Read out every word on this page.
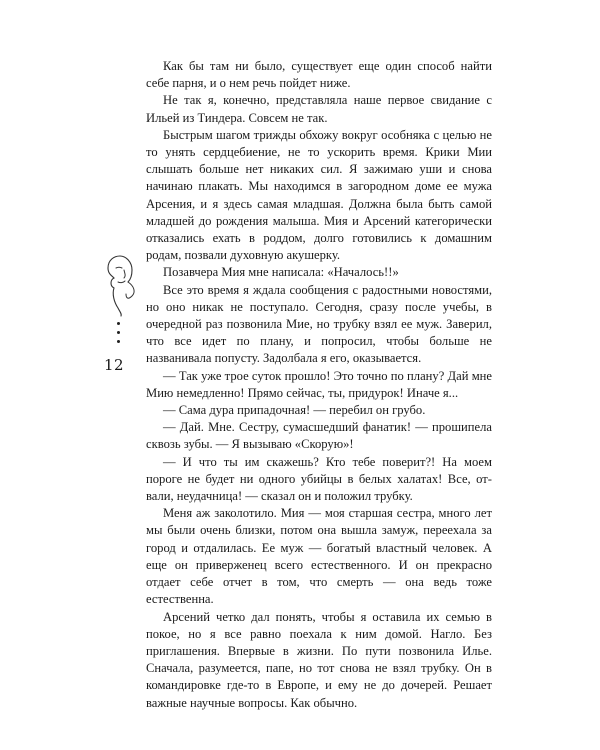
12

Как бы там ни было, существует еще один способ найти себе парня, и о нем речь пойдет ниже.

Не так я, конечно, представляла наше первое свидание с Ильей из Тиндера. Совсем не так.

Быстрым шагом трижды обхожу вокруг особняка с целью не то унять сердцебиение, не то ускорить время. Крики Мии слышать больше нет никаких сил. Я зажимаю уши и снова начинаю плакать. Мы находимся в загородном доме ее мужа Арсения, и я здесь самая младшая. Должна была быть самой младшей до рождения малыша. Мия и Арсений категорически отказались ехать в роддом, долго готовились к домашним родам, позвали духовную акушерку.

Позавчера Мия мне написала: «Началось!!»

Все это время я ждала сообщения с радостными новостями, но оно никак не поступало. Сегодня, сразу после учебы, в очередной раз позвонила Мие, но трубку взял ее муж. Заверил, что все идет по плану, и попросил, чтобы больше не названивала попусту. Задолбала я его, оказывается.

— Так уже трое суток прошло! Это точно по плану? Дай мне Мию немедленно! Прямо сейчас, ты, придурок! Иначе я...

— Сама дура припадочная! — перебил он грубо.

— Дай. Мне. Сестру, сумасшедший фанатик! — прошипела сквозь зубы. — Я вызываю «Скорую»!

— И что ты им скажешь? Кто тебе поверит?! На моем пороге не будет ни одного убийцы в белых халатах! Все, отвали, неудачница! — сказал он и положил трубку.

Меня аж заколотило. Мия — моя старшая сестра, много лет мы были очень близки, потом она вышла замуж, переехала за город и отдалилась. Ее муж — богатый властный человек. А еще он приверженец всего естественного. И он прекрасно отдает себе отчет в том, что смерть — она ведь тоже естественна.

Арсений четко дал понять, чтобы я оставила их семью в покое, но я все равно поехала к ним домой. Нагло. Без приглашения. Впервые в жизни. По пути позвонила Илье. Сначала, разумеется, папе, но тот снова не взял трубку. Он в командировке где-то в Европе, и ему не до дочерей. Решает важные научные вопросы. Как обычно.
